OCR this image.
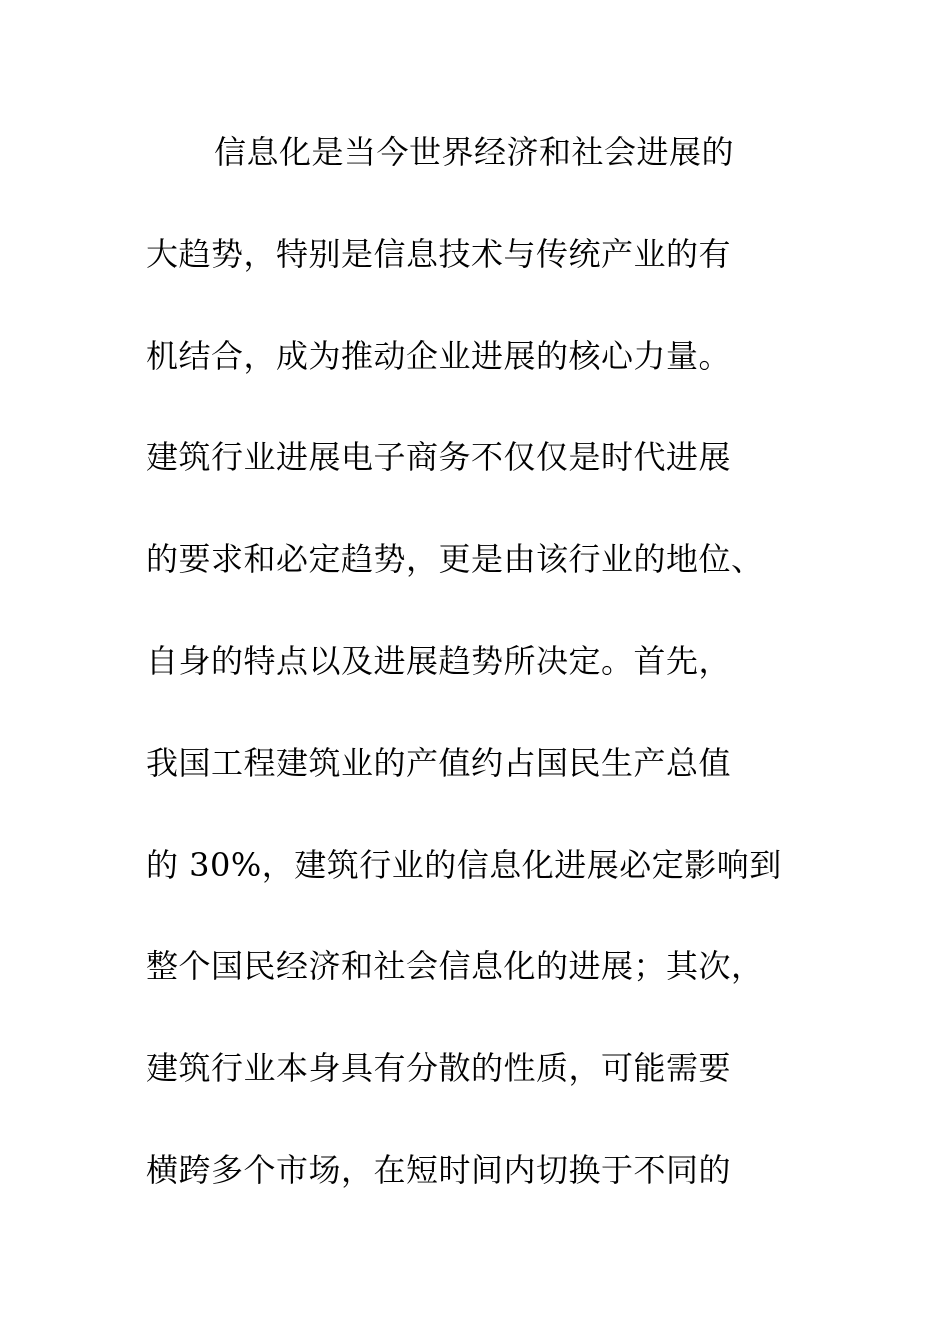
信息化是当今世界经济和社会进展的
大趋势，特别是信息技术与传统产业的有
机结合，成为推动企业进展的核心力量。
建筑行业进展电子商务不仅仅是时代进展
的要求和必定趋势，更是由该行业的地位、
自身的特点以及进展趋势所决定。首先，
我国工程建筑业的产值约占国民生产总值
的 30%，建筑行业的信息化进展必定影响到
整个国民经济和社会信息化的进展；其次，
建筑行业本身具有分散的性质，可能需要
横跨多个市场，在短时间内切换于不同的
